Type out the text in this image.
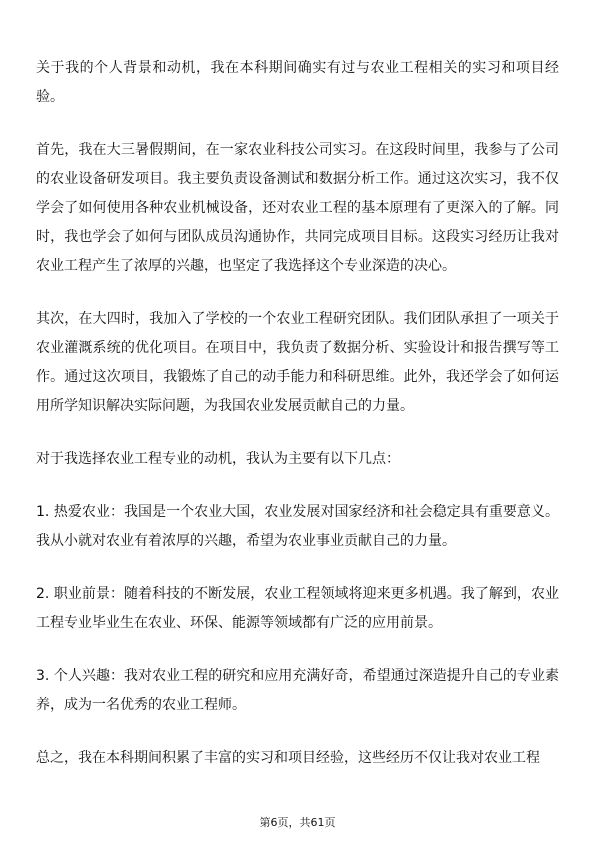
关于我的个人背景和动机，我在本科期间确实有过与农业工程相关的实习和项目经验。

首先，我在大三暑假期间，在一家农业科技公司实习。在这段时间里，我参与了公司的农业设备研发项目。我主要负责设备测试和数据分析工作。通过这次实习，我不仅学会了如何使用各种农业机械设备，还对农业工程的基本原理有了更深入的了解。同时，我也学会了如何与团队成员沟通协作，共同完成项目目标。这段实习经历让我对农业工程产生了浓厚的兴趣，也坚定了我选择这个专业深造的决心。

其次，在大四时，我加入了学校的一个农业工程研究团队。我们团队承担了一项关于农业灌溉系统的优化项目。在项目中，我负责了数据分析、实验设计和报告撰写等工作。通过这次项目，我锻炼了自己的动手能力和科研思维。此外，我还学会了如何运用所学知识解决实际问题，为我国农业发展贡献自己的力量。

对于我选择农业工程专业的动机，我认为主要有以下几点：

1. 热爱农业：我国是一个农业大国，农业发展对国家经济和社会稳定具有重要意义。我从小就对农业有着浓厚的兴趣，希望为农业事业贡献自己的力量。

2. 职业前景：随着科技的不断发展，农业工程领域将迎来更多机遇。我了解到，农业工程专业毕业生在农业、环保、能源等领域都有广泛的应用前景。

3. 个人兴趣：我对农业工程的研究和应用充满好奇，希望通过深造提升自己的专业素养，成为一名优秀的农业工程师。

总之，我在本科期间积累了丰富的实习和项目经验，这些经历不仅让我对农业工程

第6页，共61页
